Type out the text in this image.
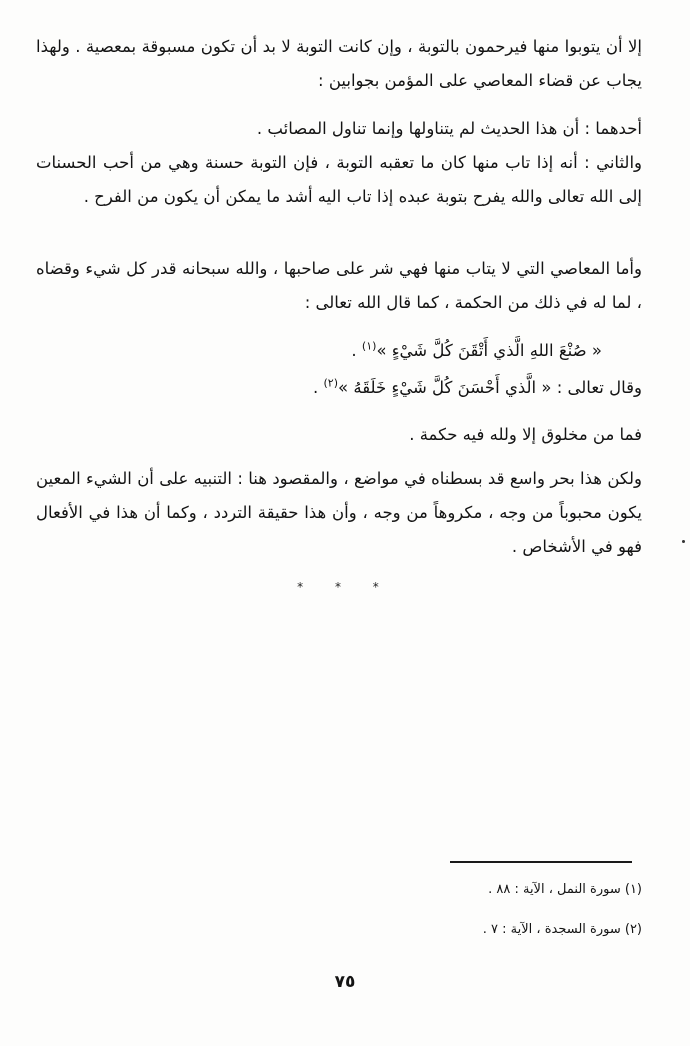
إلا أن يتوبوا منها فيرحمون بالتوبة ، وإن كانت التوبة لا بد أن تكون مسبوقة بمعصية . ولهذا يجاب عن قضاء المعاصي على المؤمن بجوابين :

أحدهما : أن هذا الحديث لم يتناولها وإنما تناول المصائب .

والثاني : أنه إذا تاب منها كان ما تعقبه التوبة ، فإن التوبة حسنة وهي من أحب الحسنات إلى الله تعالى والله يفرح بتوبة عبده إذا تاب اليه أشد ما يمكن أن يكون من الفرح .

وأما المعاصي التي لا يتاب منها فهي شر على صاحبها ، والله سبحانه قدر كل شيء وقضاه ، لما له في ذلك من الحكمة ، كما قال الله تعالى :

« صُنْعَ اللهِ الَّذي أَتْقَنَ كُلَّ شَيْءٍ »$^{(١)}$ .

وقال تعالى : « الَّذي أَحْسَنَ كُلَّ شَيْءٍ خَلَقَهُ »$^{(٢)}$ .

فما من مخلوق إلا ولله فيه حكمة .

ولكن هذا بحر واسع قد بسطناه في مواضع ، والمقصود هنا : التنبيه على أن الشيء المعين يكون محبوباً من وجه ، مكروهاً من وجه ، وأن هذا حقيقة التردد ، وكما أن هذا في الأفعال فهو في الأشخاص .

* * *
(١) سورة النمل ، الآية : ٨٨ .
(٢) سورة السجدة ، الآية : ٧ .
٧٥
